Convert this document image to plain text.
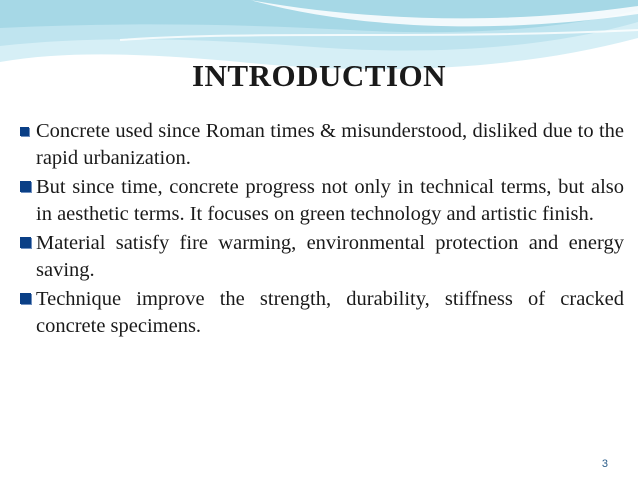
INTRODUCTION
Concrete used since Roman times & misunderstood, disliked due to the rapid urbanization.
But since time, concrete progress not only in technical terms, but also in aesthetic terms. It focuses on green technology and artistic finish.
Material satisfy fire warming, environmental protection and energy saving.
Technique improve the strength, durability, stiffness of cracked concrete specimens.
3
